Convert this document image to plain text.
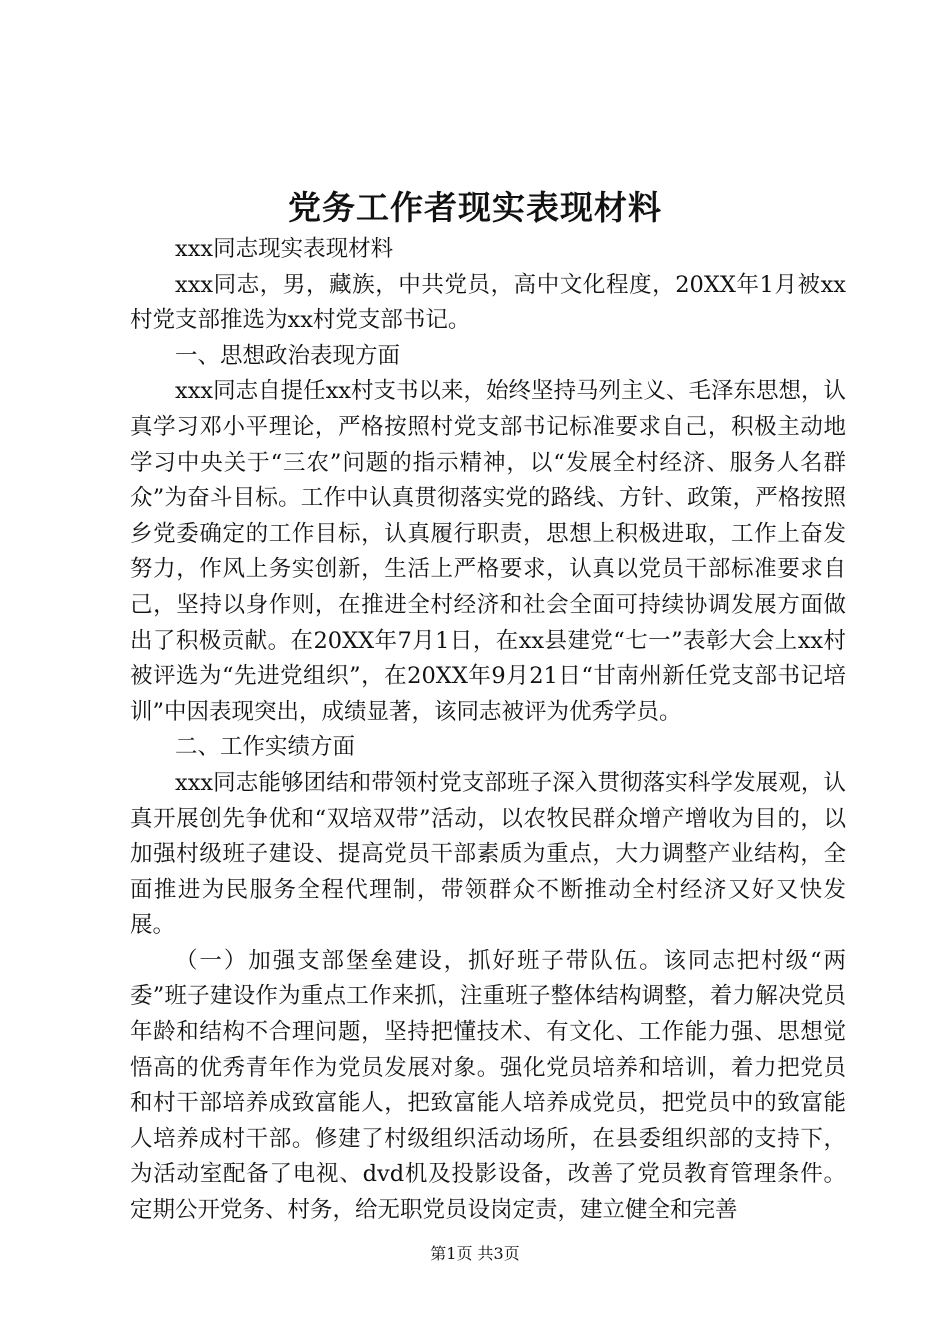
党务工作者现实表现材料

xxx同志现实表现材料

xxx同志，男，藏族，中共党员，高中文化程度，20XX年1月被xx村党支部推选为xx村党支部书记。

一、思想政治表现方面

xxx同志自提任xx村支书以来，始终坚持马列主义、毛泽东思想，认真学习邓小平理论，严格按照村党支部书记标准要求自己，积极主动地学习中央关于“三农”问题的指示精神，以“发展全村经济、服务人名群众”为奋斗目标。工作中认真贯彻落实党的路线、方针、政策，严格按照乡党委确定的工作目标，认真履行职责，思想上积极进取，工作上奋发努力，作风上务实创新，生活上严格要求，认真以党员干部标准要求自己，坚持以身作则，在推进全村经济和社会全面可持续协调发展方面做出了积极贡献。在20XX年7月1日，在xx县建党“七一”表彰大会上xx村被评选为“先进党组织”，在20XX年9月21日“甘南州新任党支部书记培训”中因表现突出，成绩显著，该同志被评为优秀学员。

二、工作实绩方面

xxx同志能够团结和带领村党支部班子深入贯彻落实科学发展观，认真开展创先争优和“双培双带”活动，以农牧民群众增产增收为目的，以加强村级班子建设、提高党员干部素质为重点，大力调整产业结构，全面推进为民服务全程代理制，带领群众不断推动全村经济又好又快发展。

（一）加强支部堡垒建设，抓好班子带队伍。该同志把村级“两委”班子建设作为重点工作来抓，注重班子整体结构调整，着力解决党员年龄和结构不合理问题，坚持把懂技术、有文化、工作能力强、思想觉悟高的优秀青年作为党员发展对象。强化党员培养和培训，着力把党员和村干部培养成致富能人，把致富能人培养成党员，把党员中的致富能人培养成村干部。修建了村级组织活动场所，在县委组织部的支持下，为活动室配备了电视、dvd机及投影设备，改善了党员教育管理条件。定期公开党务、村务，给无职党员设岗定责，建立健全和完善

第1页 共3页
